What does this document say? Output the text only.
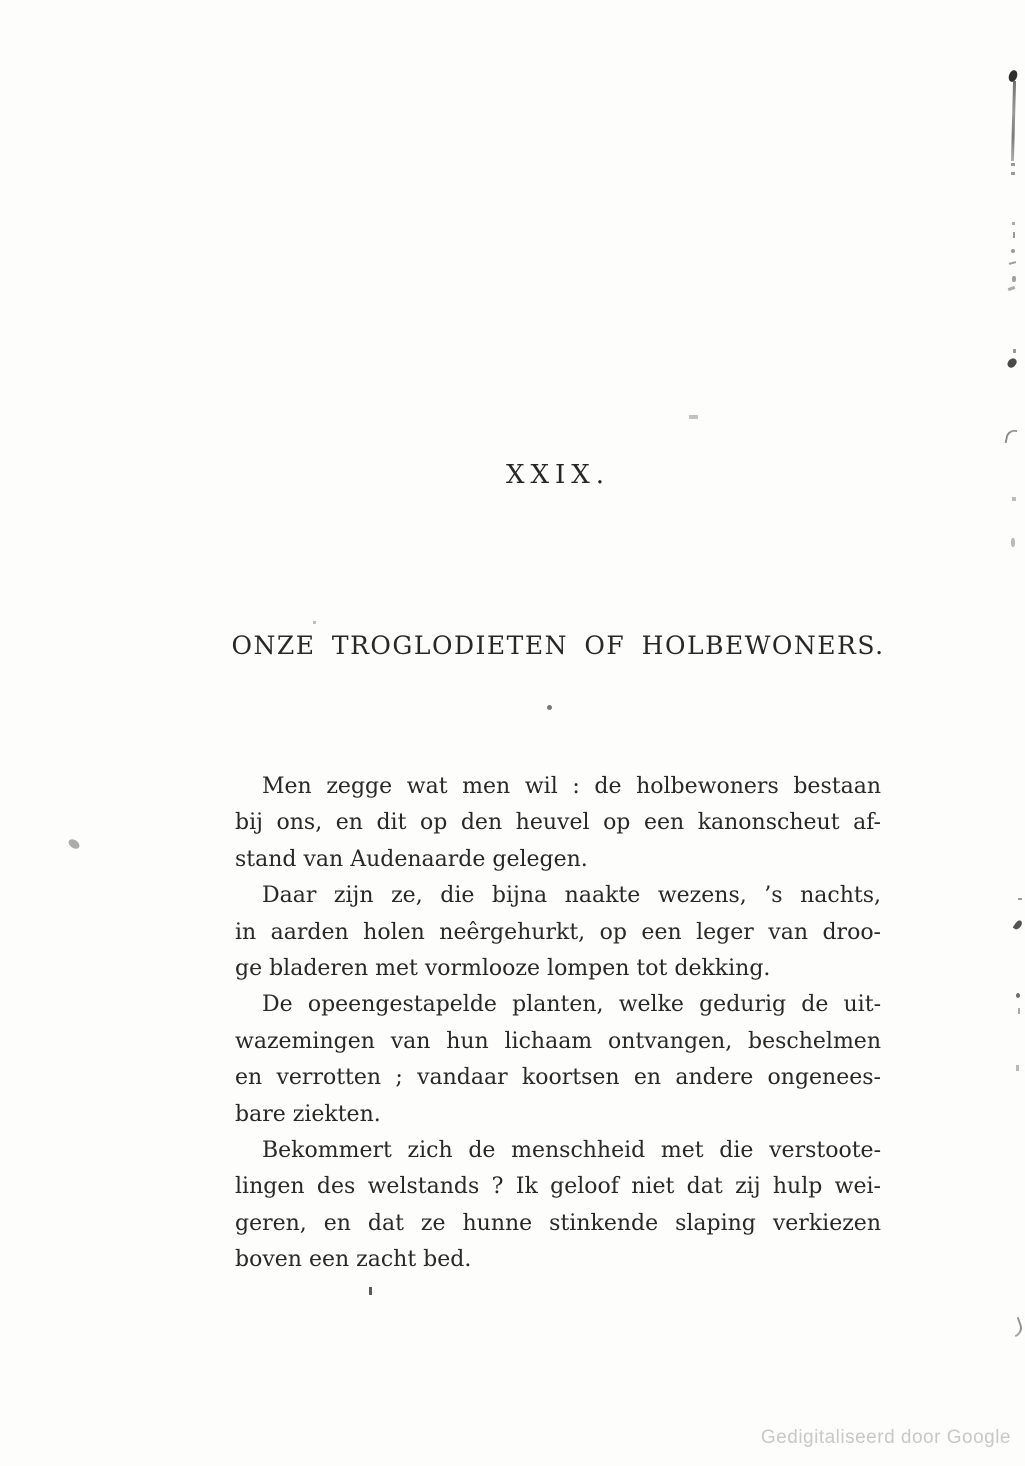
XXIX.
ONZE TROGLODIETEN OF HOLBEWONERS.
Men zegge wat men wil : de holbewoners bestaan
bij ons, en dit op den heuvel op een kanonscheut af-
stand van Audenaarde gelegen.
Daar zijn ze, die bijna naakte wezens, ’s nachts,
in aarden holen neêrgehurkt, op een leger van droo-
ge bladeren met vormlooze lompen tot dekking.
De opeengestapelde planten, welke gedurig de uit-
wazemingen van hun lichaam ontvangen, beschelmen
en verrotten ; vandaar koortsen en andere ongenees-
bare ziekten.
Bekommert zich de menschheid met die verstoote-
lingen des welstands ? Ik geloof niet dat zij hulp wei-
geren, en dat ze hunne stinkende slaping verkiezen
boven een zacht bed.
Gedigitaliseerd door Google
